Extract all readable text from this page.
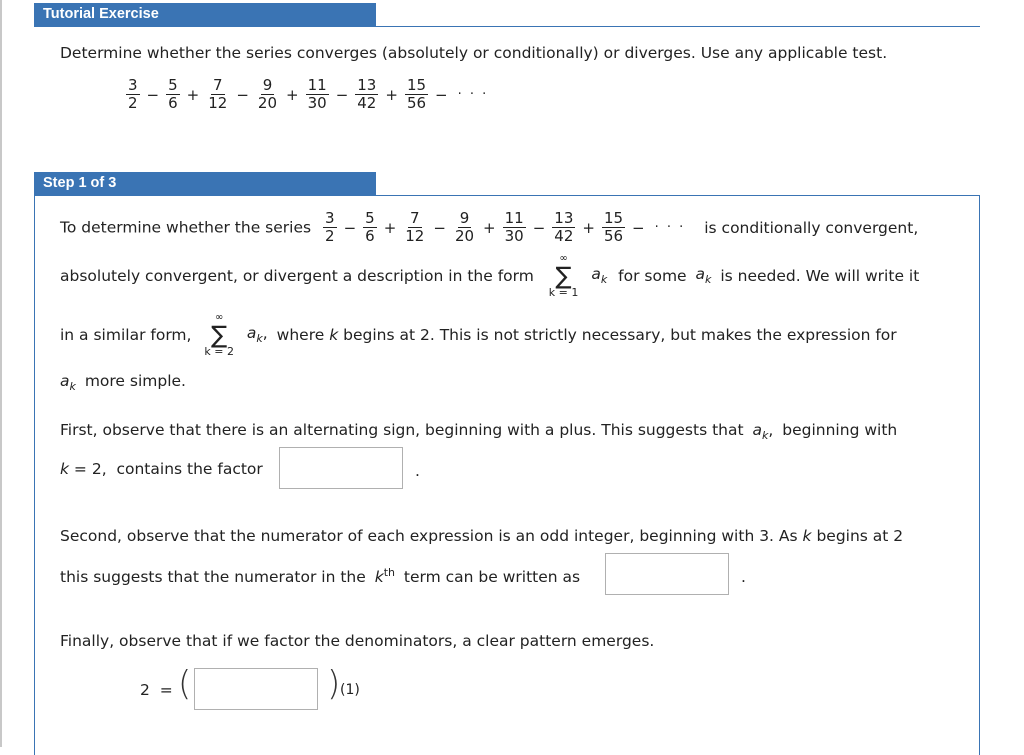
Tutorial Exercise
Determine whether the series converges (absolutely or conditionally) or diverges. Use any applicable test.
$\frac{3}{2} - \frac{5}{6} + \frac{7}{12} - \frac{9}{20} + \frac{11}{30} - \frac{13}{42} + \frac{15}{56}$ − · · ·
Step 1 of 3
To determine whether the series $\frac{3}{2} - \frac{5}{6} + \frac{7}{12} - \frac{9}{20} + \frac{11}{30} - \frac{13}{42} + \frac{15}{56}$ − · · · is conditionally convergent,
absolutely convergent, or divergent a description in the form
∞
∑
k = 1
$a_k$ for some $a_k$ is needed. We will write it
in a similar form,
∞
∑
k = 2
$a_k$, where k begins at 2. This is not strictly necessary, but makes the expression for
$a_k$ more simple.
First, observe that there is an alternating sign, beginning with a plus. This suggests that $a_k$, beginning with
k = 2,  contains the factor	.
Second, observe that the numerator of each expression is an odd integer, beginning with 3. As k begins at 2
this suggests that the numerator in the $k^{th}$ term can be written as	.
Finally, observe that if we factor the denominators, a clear pattern emerges.
2  = (	) (1)
